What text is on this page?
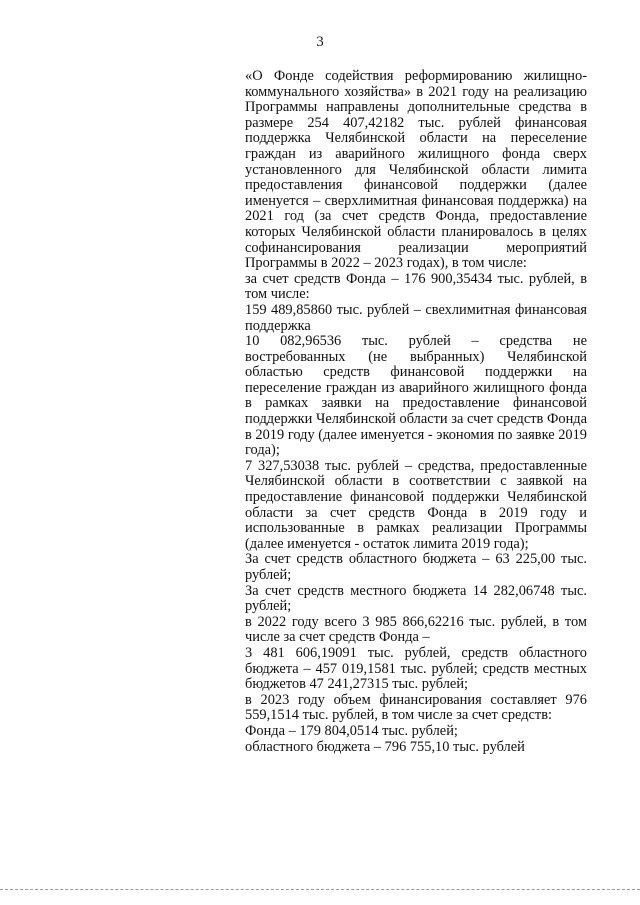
3

«О Фонде содействия реформированию жилищно-коммунального хозяйства» в 2021 году на реализацию Программы направлены дополнительные средства в размере 254 407,42182 тыс. рублей финансовая поддержка Челябинской области на переселение граждан из аварийного жилищного фонда сверх установленного для Челябинской области лимита предоставления финансовой поддержки (далее именуется – сверхлимитная финансовая поддержка) на 2021 год (за счет средств Фонда, предоставление которых Челябинской области планировалось в целях софинансирования реализации мероприятий Программы в 2022 – 2023 годах), в том числе:

за счет средств Фонда – 176 900,35434 тыс. рублей, в том числе:

159 489,85860 тыс. рублей – свехлимитная финансовая поддержка

10 082,96536 тыс. рублей – средства не востребованных (не выбранных) Челябинской областью средств финансовой поддержки на переселение граждан из аварийного жилищного фонда в рамках заявки на предоставление финансовой поддержки Челябинской области за счет средств Фонда в 2019 году (далее именуется - экономия по заявке 2019 года);

7 327,53038 тыс. рублей – средства, предоставленные Челябинской области в соответствии с заявкой на предоставление финансовой поддержки Челябинской области за счет средств Фонда в 2019 году и использованные в рамках реализации Программы (далее именуется - остаток лимита 2019 года);

За счет средств областного бюджета – 63 225,00 тыс. рублей;

За счет средств местного бюджета 14 282,06748 тыс. рублей;

в 2022 году всего 3 985 866,62216 тыс. рублей, в том числе за счет средств Фонда –

3 481 606,19091 тыс. рублей, средств областного бюджета – 457 019,1581 тыс. рублей; средств местных бюджетов 47 241,27315 тыс. рублей;

в 2023 году объем финансирования составляет 976 559,1514 тыс. рублей, в том числе за счет средств:

Фонда – 179 804,0514 тыс. рублей;

областного бюджета – 796 755,10 тыс. рублей
